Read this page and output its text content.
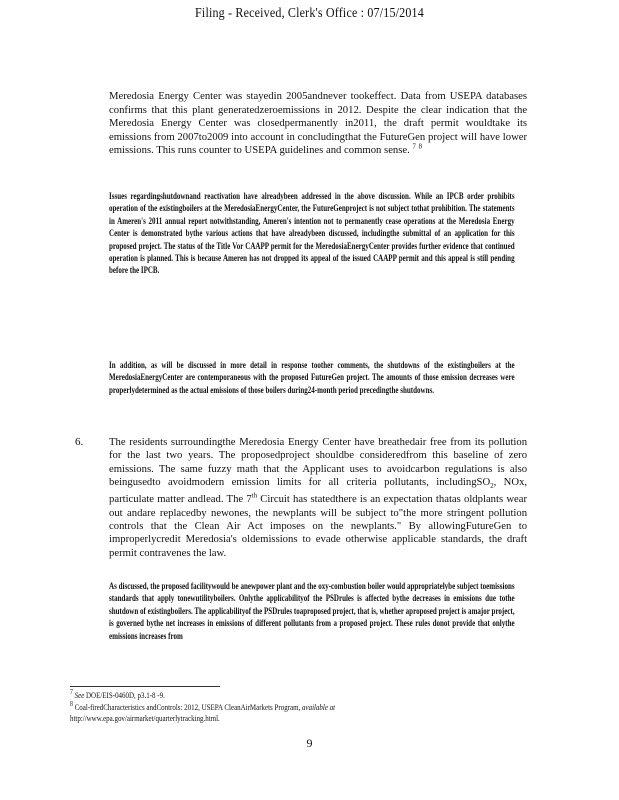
Filing - Received, Clerk's Office : 07/15/2014
Meredosia Energy Center was stayedin 2005andnever tookeffect. Data from USEPA databases confirms that this plant generatedzeroemissions in 2012. Despite the clear indication that the Meredosia Energy Center was closedpermanently in2011, the draft permit wouldtake its emissions from 2007to2009 into account in concludingthat the FutureGen project will have lower emissions. This runs counter to USEPA guidelines and common sense. $^7$ $^8$
Issues regardingshutdownand reactivation have alreadybeen addressed in the above discussion. While an IPCB order prohibits operation of the existingboilers at the MeredosiaEnergyCenter, the FutureGenproject is not subject tothat prohibition. The statements in Ameren's 2011 annual report notwithstanding, Ameren's intention not to permanently cease operations at the Meredosia Energy Center is demonstrated bythe various actions that have alreadybeen discussed, includingthe submittal of an application for this proposed project. The status of the Title Vor CAAPP permit for the MeredosiaEnergyCenter provides further evidence that continued operation is planned. This is because Ameren has not dropped its appeal of the issued CAAPP permit and this appeal is still pending before the IPCB.
In addition, as will be discussed in more detail in response toother comments, the shutdowns of the existingboilers at the MeredosiaEnergyCenter are contemporaneous with the proposed FutureGen project. The amounts of those emission decreases were properlydetermined as the actual emissions of those boilers during24-month period precedingthe shutdowns.
6. The residents surroundingthe Meredosia Energy Center have breathedair free from its pollution for the last two years. The proposedproject shouldbe consideredfrom this baseline of zero emissions. The same fuzzy math that the Applicant uses to avoidcarbon regulations is also beingusedto avoidmodern emission limits for all criteria pollutants, includingSO$_2$, NOx, particulate matter andlead. The 7th Circuit has statedthere is an expectation thatas oldplants wear out andare replacedby newones, the newplants will be subject to"the more stringent pollution controls that the Clean Air Act imposes on the newplants." By allowingFutureGen to improperlycredit Meredosia's oldemissions to evade otherwise applicable standards, the draft permit contravenes the law.
As discussed, the proposed facilitywould be anewpower plant and the oxy-combustion boiler would appropriatelybe subject toemissions standards that apply tonewutilityboilers. Onlythe applicabilityof the PSDrules is affected bythe decreases in emissions due tothe shutdown of existingboilers. The applicabilityof the PSDrules toaproposed project, that is, whether aproposed project is amajor project, is governed bythe net increases in emissions of different pollutants from a proposed project. These rules donot provide that onlythe emissions increases from
$^7$ See DOE/EIS-0460D, p3.1-8 -9.
$^8$ Coal-firedCharacteristics andControls: 2012, USEPA CleanAirMarkets Program, available at
http://www.epa.gov/airmarket/quarterlytracking.html.
9
